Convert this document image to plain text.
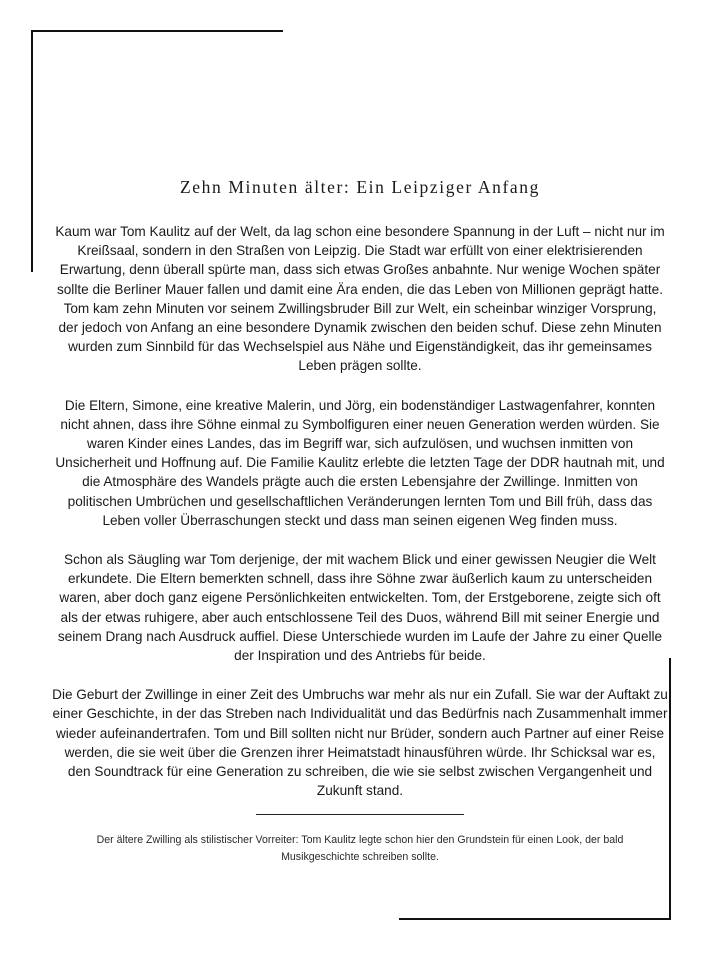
Zehn Minuten älter: Ein Leipziger Anfang

Kaum war Tom Kaulitz auf der Welt, da lag schon eine besondere Spannung in der Luft – nicht nur im Kreißsaal, sondern in den Straßen von Leipzig. Die Stadt war erfüllt von einer elektrisierenden Erwartung, denn überall spürte man, dass sich etwas Großes anbahnte. Nur wenige Wochen später sollte die Berliner Mauer fallen und damit eine Ära enden, die das Leben von Millionen geprägt hatte. Tom kam zehn Minuten vor seinem Zwillingsbruder Bill zur Welt, ein scheinbar winziger Vorsprung, der jedoch von Anfang an eine besondere Dynamik zwischen den beiden schuf. Diese zehn Minuten wurden zum Sinnbild für das Wechselspiel aus Nähe und Eigenständigkeit, das ihr gemeinsames Leben prägen sollte.

Die Eltern, Simone, eine kreative Malerin, und Jörg, ein bodenständiger Lastwagenfahrer, konnten nicht ahnen, dass ihre Söhne einmal zu Symbolfiguren einer neuen Generation werden würden. Sie waren Kinder eines Landes, das im Begriff war, sich aufzulösen, und wuchsen inmitten von Unsicherheit und Hoffnung auf. Die Familie Kaulitz erlebte die letzten Tage der DDR hautnah mit, und die Atmosphäre des Wandels prägte auch die ersten Lebensjahre der Zwillinge. Inmitten von politischen Umbrüchen und gesellschaftlichen Veränderungen lernten Tom und Bill früh, dass das Leben voller Überraschungen steckt und dass man seinen eigenen Weg finden muss.

Schon als Säugling war Tom derjenige, der mit wachem Blick und einer gewissen Neugier die Welt erkundete. Die Eltern bemerkten schnell, dass ihre Söhne zwar äußerlich kaum zu unterscheiden waren, aber doch ganz eigene Persönlichkeiten entwickelten. Tom, der Erstgeborene, zeigte sich oft als der etwas ruhigere, aber auch entschlossene Teil des Duos, während Bill mit seiner Energie und seinem Drang nach Ausdruck auffiel. Diese Unterschiede wurden im Laufe der Jahre zu einer Quelle der Inspiration und des Antriebs für beide.

Die Geburt der Zwillinge in einer Zeit des Umbruchs war mehr als nur ein Zufall. Sie war der Auftakt zu einer Geschichte, in der das Streben nach Individualität und das Bedürfnis nach Zusammenhalt immer wieder aufeinandertrafen. Tom und Bill sollten nicht nur Brüder, sondern auch Partner auf einer Reise werden, die sie weit über die Grenzen ihrer Heimatstadt hinausführen würde. Ihr Schicksal war es, den Soundtrack für eine Generation zu schreiben, die wie sie selbst zwischen Vergangenheit und Zukunft stand.

Der ältere Zwilling als stilistischer Vorreiter: Tom Kaulitz legte schon hier den Grundstein für einen Look, der bald Musikgeschichte schreiben sollte.
